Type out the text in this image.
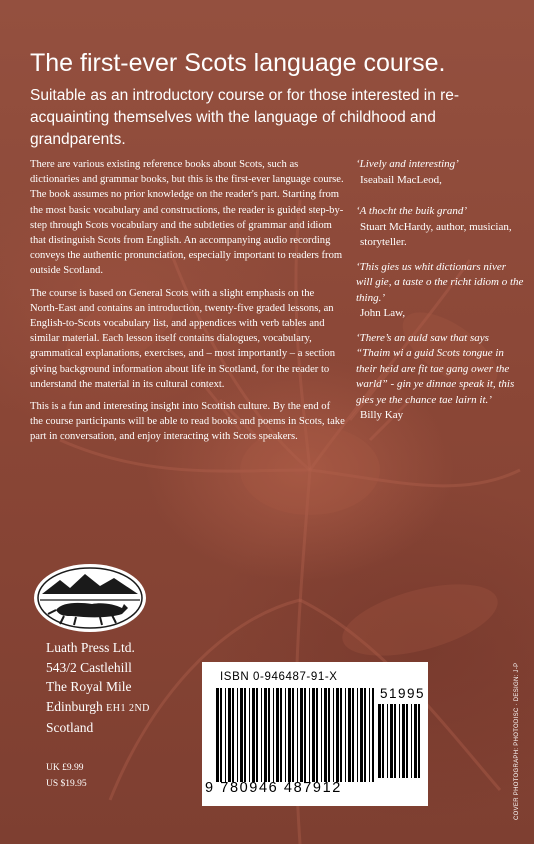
The first-ever Scots language course.

Suitable as an introductory course or for those interested in re-acquainting themselves with the language of childhood and grandparents.

There are various existing reference books about Scots, such as dictionaries and grammar books, but this is the first-ever language course. The book assumes no prior knowledge on the reader's part. Starting from the most basic vocabulary and constructions, the reader is guided step-by-step through Scots vocabulary and the subtleties of grammar and idiom that distinguish Scots from English. An accompanying audio recording conveys the authentic pronunciation, especially important to readers from outside Scotland.

The course is based on General Scots with a slight emphasis on the North-East and contains an introduction, twenty-five graded lessons, an English-to-Scots vocabulary list, and appendices with verb tables and similar material. Each lesson itself contains dialogues, vocabulary, grammatical explanations, exercises, and – most importantly – a section giving background information about life in Scotland, for the reader to understand the material in its cultural context.

This is a fun and interesting insight into Scottish culture. By the end of the course participants will be able to read books and poems in Scots, take part in conversation, and enjoy interacting with Scots speakers.

‘Lively and interesting’
Iseabail MacLeod,
‘A thocht the buik grand’
Stuart McHardy, author, musician, storyteller.
‘This gies us whit dictionars niver will gie, a taste o the richt idiom o the thing.’
John Law,
‘There’s an auld saw that says “Thaim wi a guid Scots tongue in their heid are fit tae gang ower the warld” - gin ye dinnae speak it, this gies ye the chance tae lairn it.’
Billy Kay
Luath Press Ltd.
543/2 Castlehill
The Royal Mile
Edinburgh EH1 2ND
Scotland
UK £9.99
US $19.95
ISBN 0-946487-91-X
51995
9 780946 487912	COVER PHOTOGRAPH: PHOTODISC · DESIGN: J-P
